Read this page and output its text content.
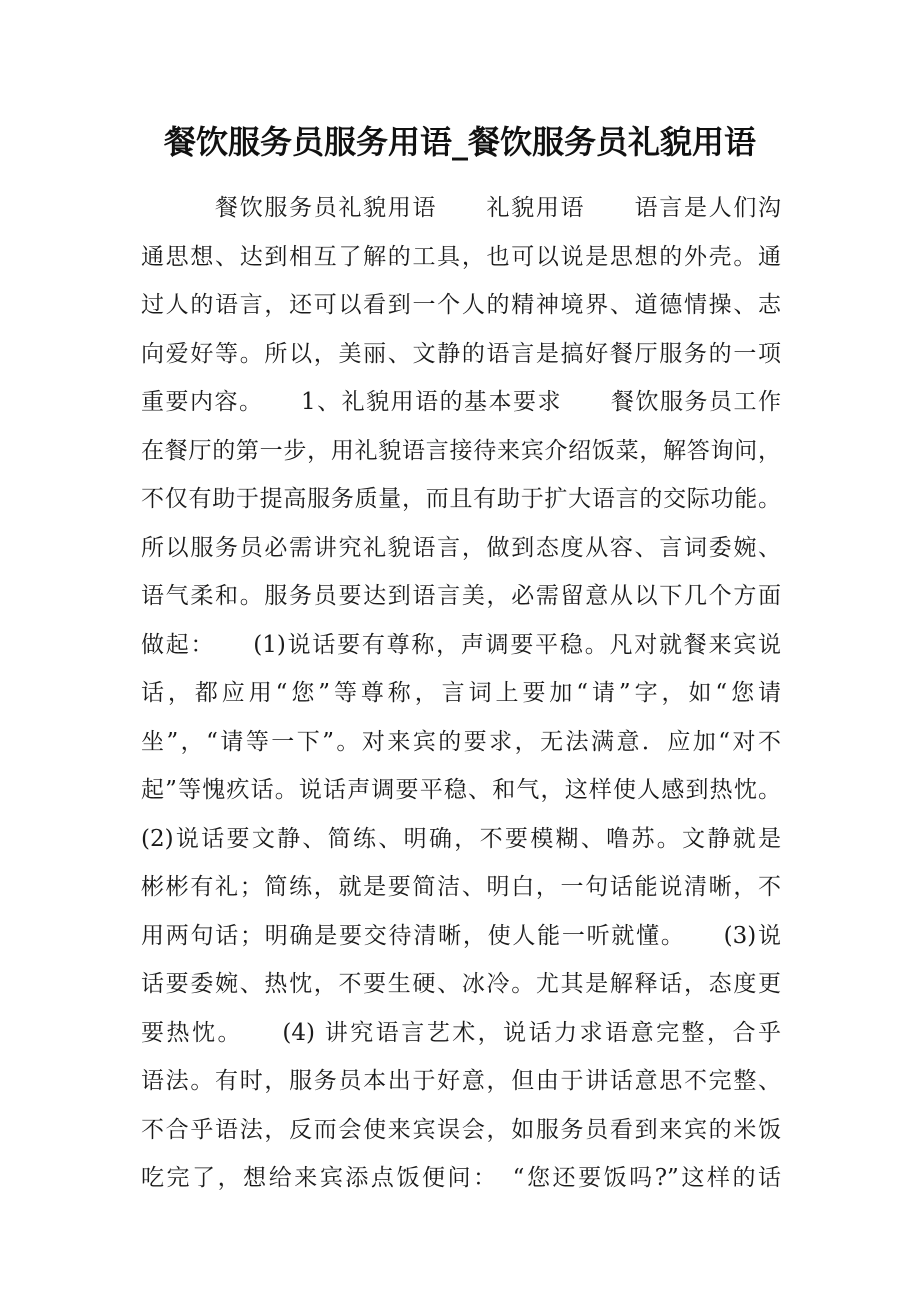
餐饮服务员服务用语_餐饮服务员礼貌用语
　　　餐饮服务员礼貌用语　　礼貌用语　　语言是人们沟
通思想、达到相互了解的工具，也可以说是思想的外壳。通
过人的语言，还可以看到一个人的精神境界、道德情操、志
向爱好等。所以，美丽、文静的语言是搞好餐厅服务的一项
重要内容。　　1、礼貌用语的基本要求　　餐饮服务员工作
在餐厅的第一步，用礼貌语言接待来宾介绍饭菜，解答询问，
不仅有助于提高服务质量，而且有助于扩大语言的交际功能。
所以服务员必需讲究礼貌语言，做到态度从容、言词委婉、
语气柔和。服务员要达到语言美，必需留意从以下几个方面
做起：　　(1)说话要有尊称，声调要平稳。凡对就餐来宾说
话，都应用“您”等尊称，言词上要加“请”字，如“您请
坐”，“请等一下”。对来宾的要求，无法满意．应加“对不
起”等愧疚话。说话声调要平稳、和气，这样使人感到热忱。
(2)说话要文静、简练、明确，不要模糊、噜苏。文静就是
彬彬有礼；简练，就是要简洁、明白，一句话能说清晰，不
用两句话；明确是要交待清晰，使人能一听就懂。　　(3)说
话要委婉、热忱，不要生硬、冰冷。尤其是解释话，态度更
要热忱。　　(4) 讲究语言艺术，说话力求语意完整，合乎
语法。有时，服务员本出于好意，但由于讲话意思不完整、
不合乎语法，反而会使来宾误会，如服务员看到来宾的米饭
吃完了，想给来宾添点饭便问：　“您还要饭吗?”这样的话
